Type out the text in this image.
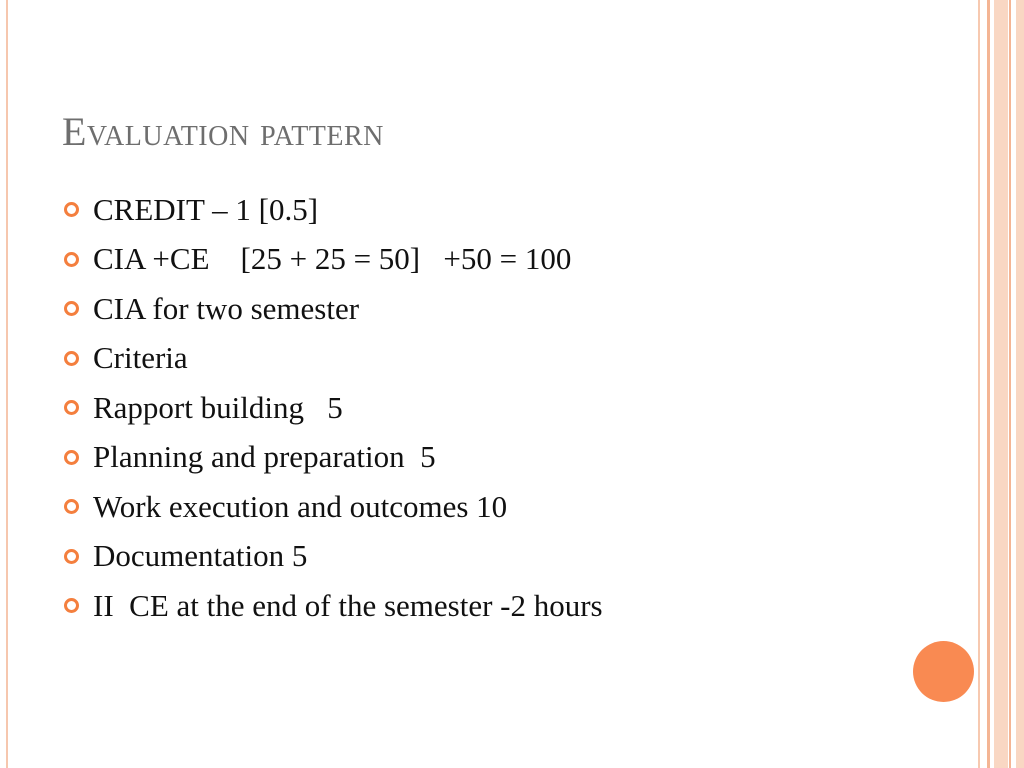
Evaluation pattern
CREDIT – 1 [0.5]
CIA +CE    [25 + 25 = 50]   +50 = 100
CIA for two semester
Criteria
Rapport building   5
Planning and preparation  5
Work execution and outcomes 10
Documentation 5
II  CE at the end of the semester -2 hours
